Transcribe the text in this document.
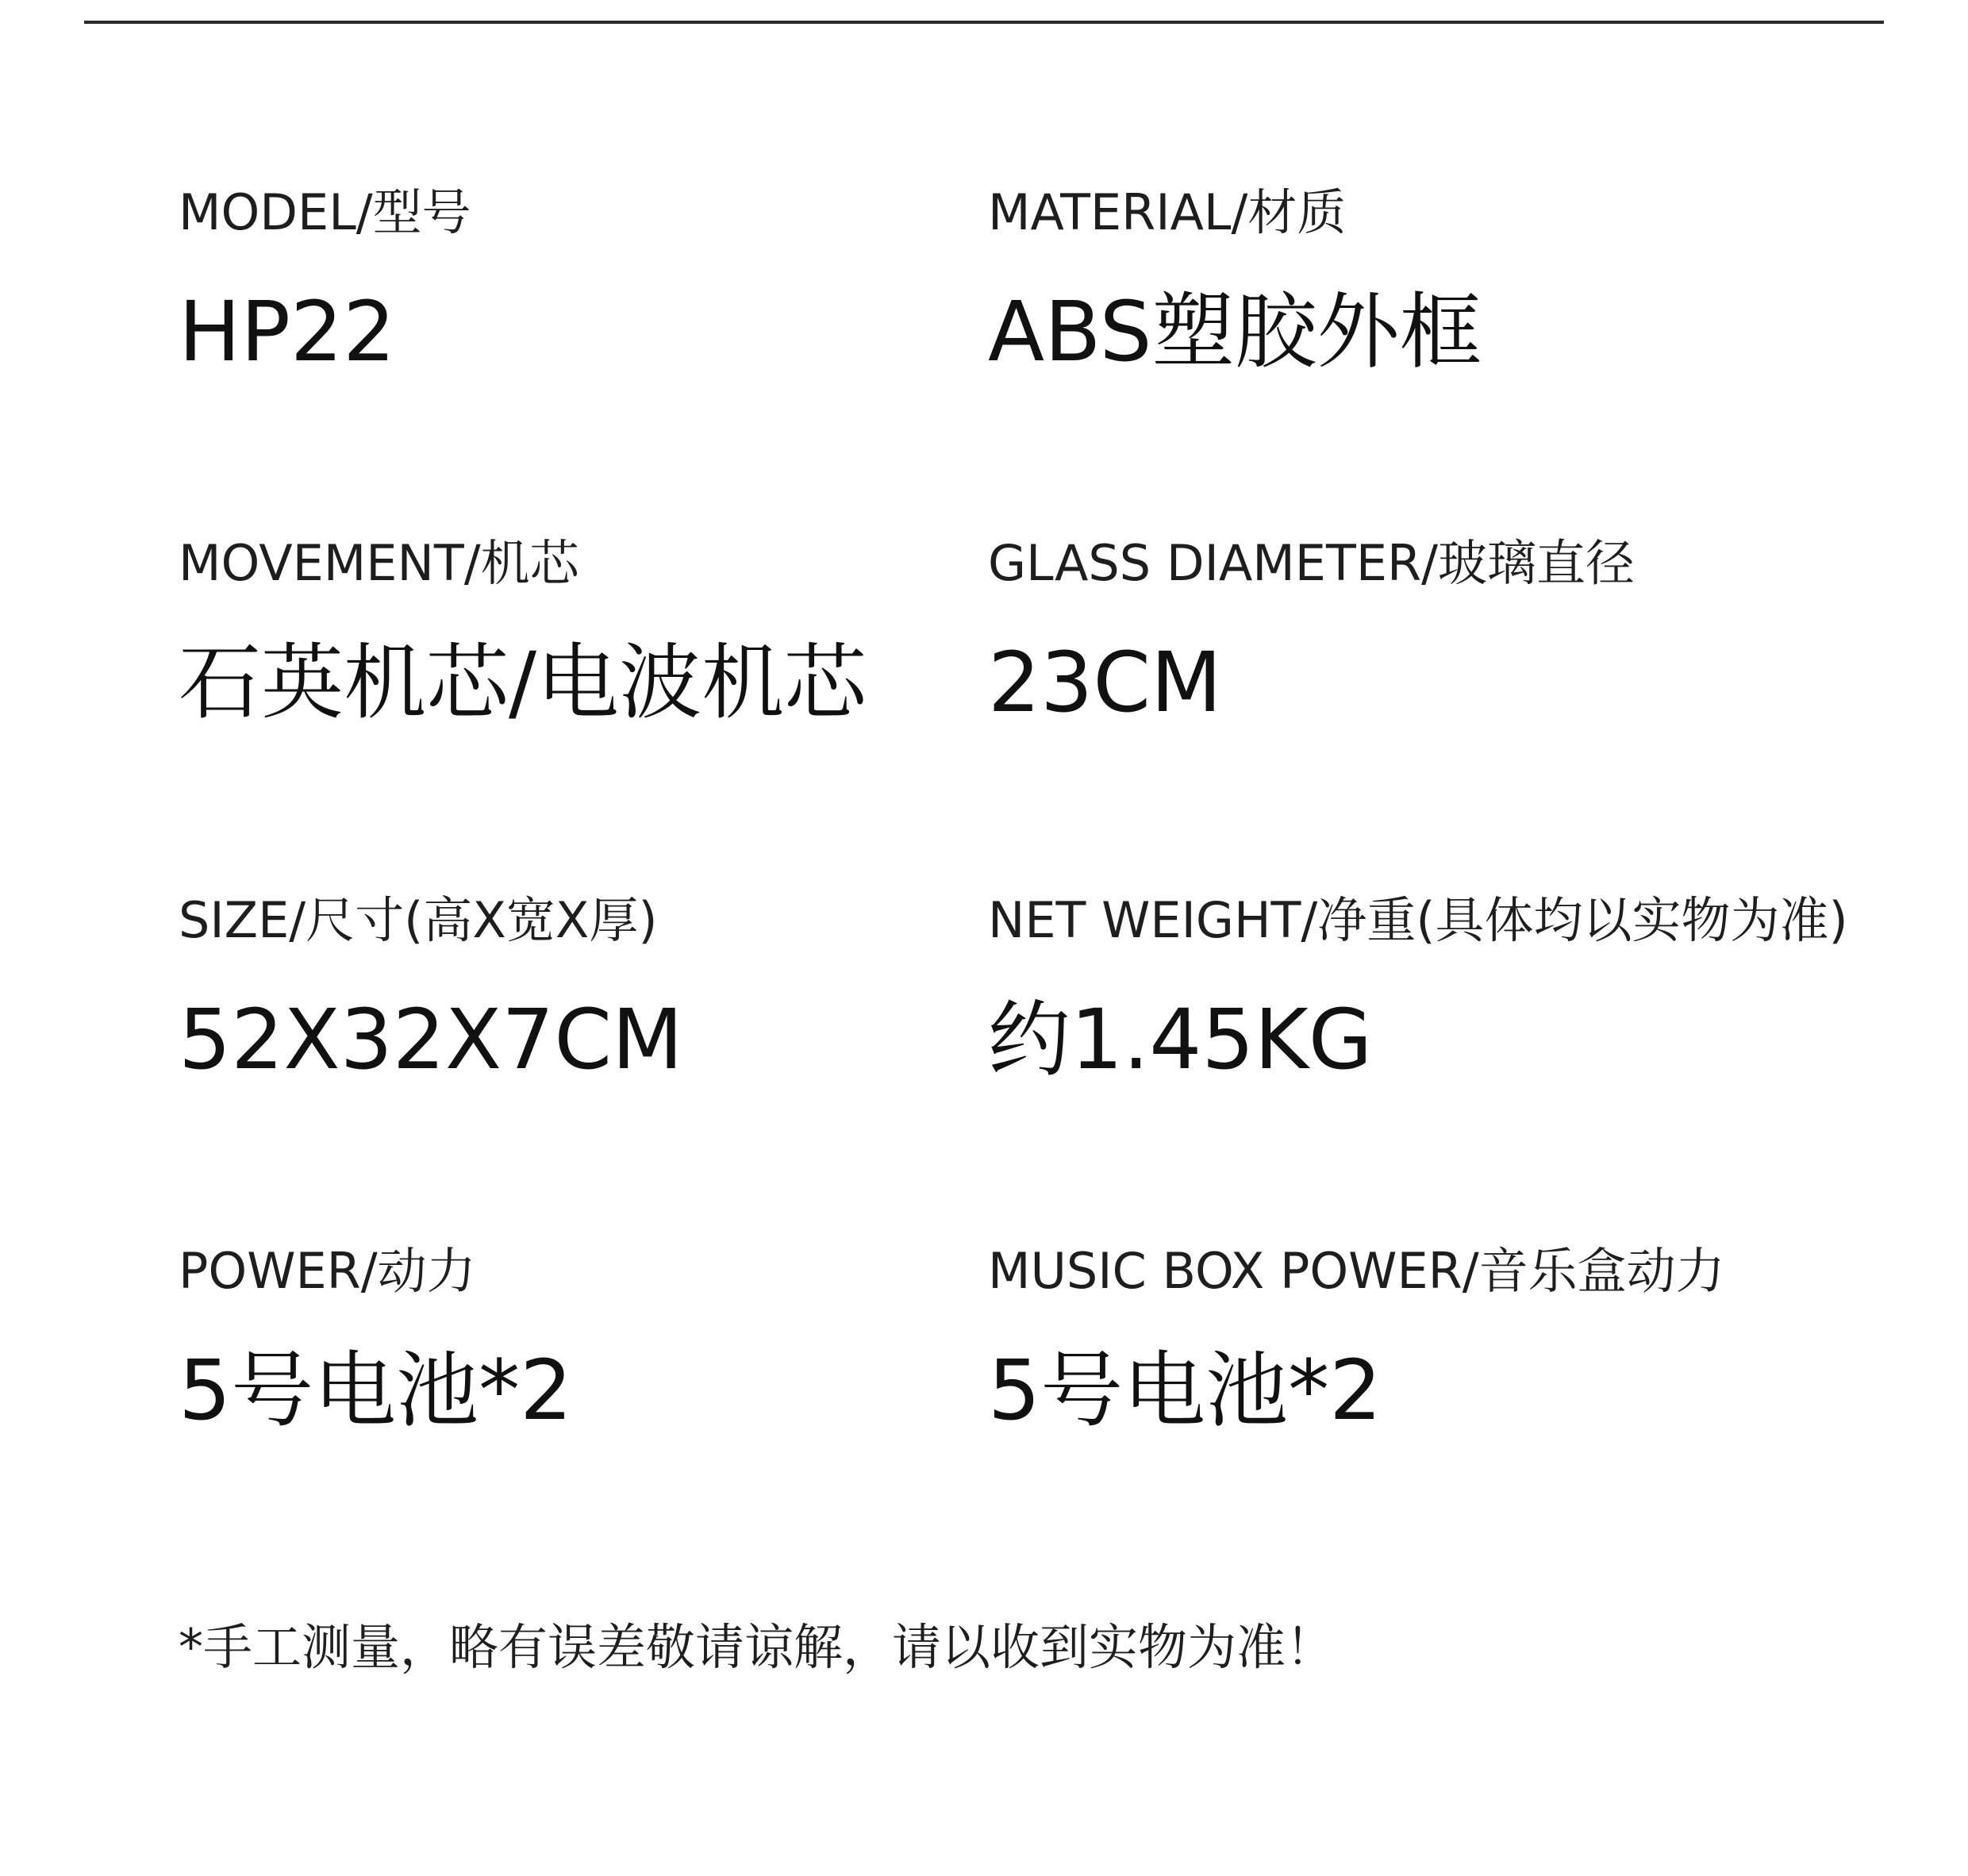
MODEL/型号
HP22
MATERIAL/材质
ABS塑胶外框
MOVEMENT/机芯
石英机芯/电波机芯
GLASS DIAMETER/玻璃直径
23CM
SIZE/尺寸(高X宽X厚)
52X32X7CM
NET WEIGHT/净重(具体均以实物为准)
约1.45KG
POWER/动力
5号电池*2
MUSIC BOX POWER/音乐盒动力
5号电池*2
*手工测量，略有误差敬请谅解，请以收到实物为准！
